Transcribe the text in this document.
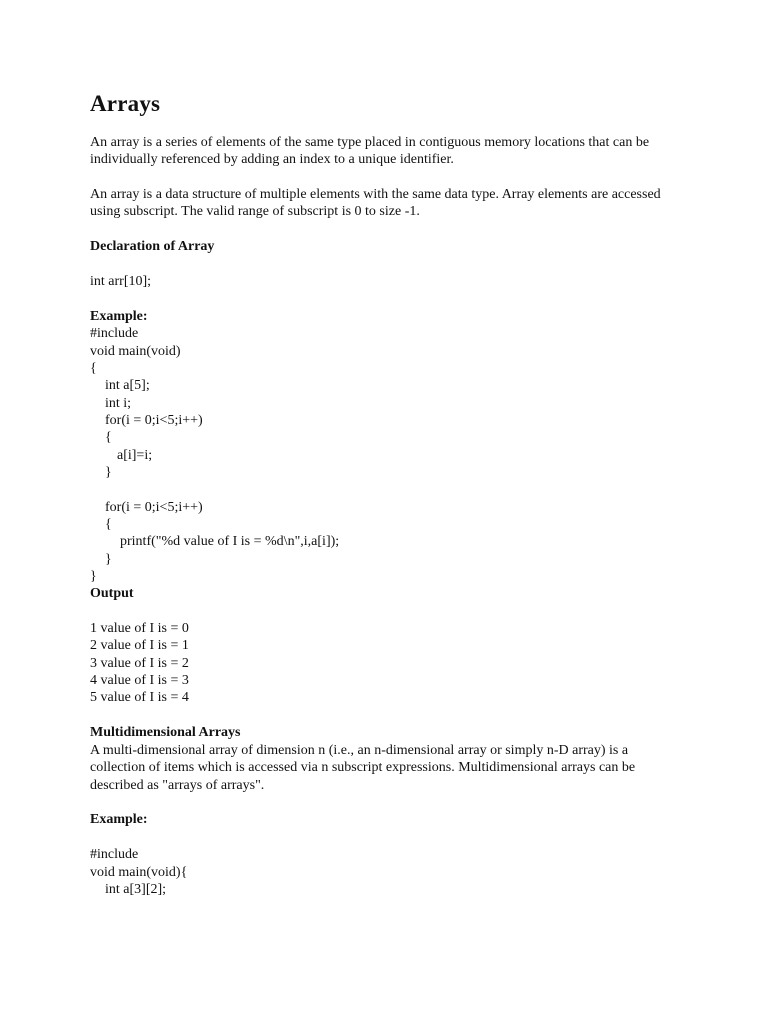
Arrays

An array is a series of elements of the same type placed in contiguous memory locations that can be individually referenced by adding an index to a unique identifier.

An array is a data structure of multiple elements with the same data type. Array elements are accessed using subscript. The valid range of subscript is 0 to size -1.

Declaration of Array

int arr[10];

Example:

#include

void main(void)

{

int a[5];

int i;

for(i = 0;i<5;i++)

{

a[i]=i;

}

for(i = 0;i<5;i++)

{

printf("%d value of I is = %d\n",i,a[i]);

}

}

Output

1 value of I is = 0

2 value of I is = 1

3 value of I is = 2

4 value of I is = 3

5 value of I is = 4

Multidimensional Arrays

A multi-dimensional array of dimension n (i.e., an n-dimensional array or simply n-D array) is a collection of items which is accessed via n subscript expressions. Multidimensional arrays can be described as "arrays of arrays".

Example:

#include

void main(void){

int a[3][2];
